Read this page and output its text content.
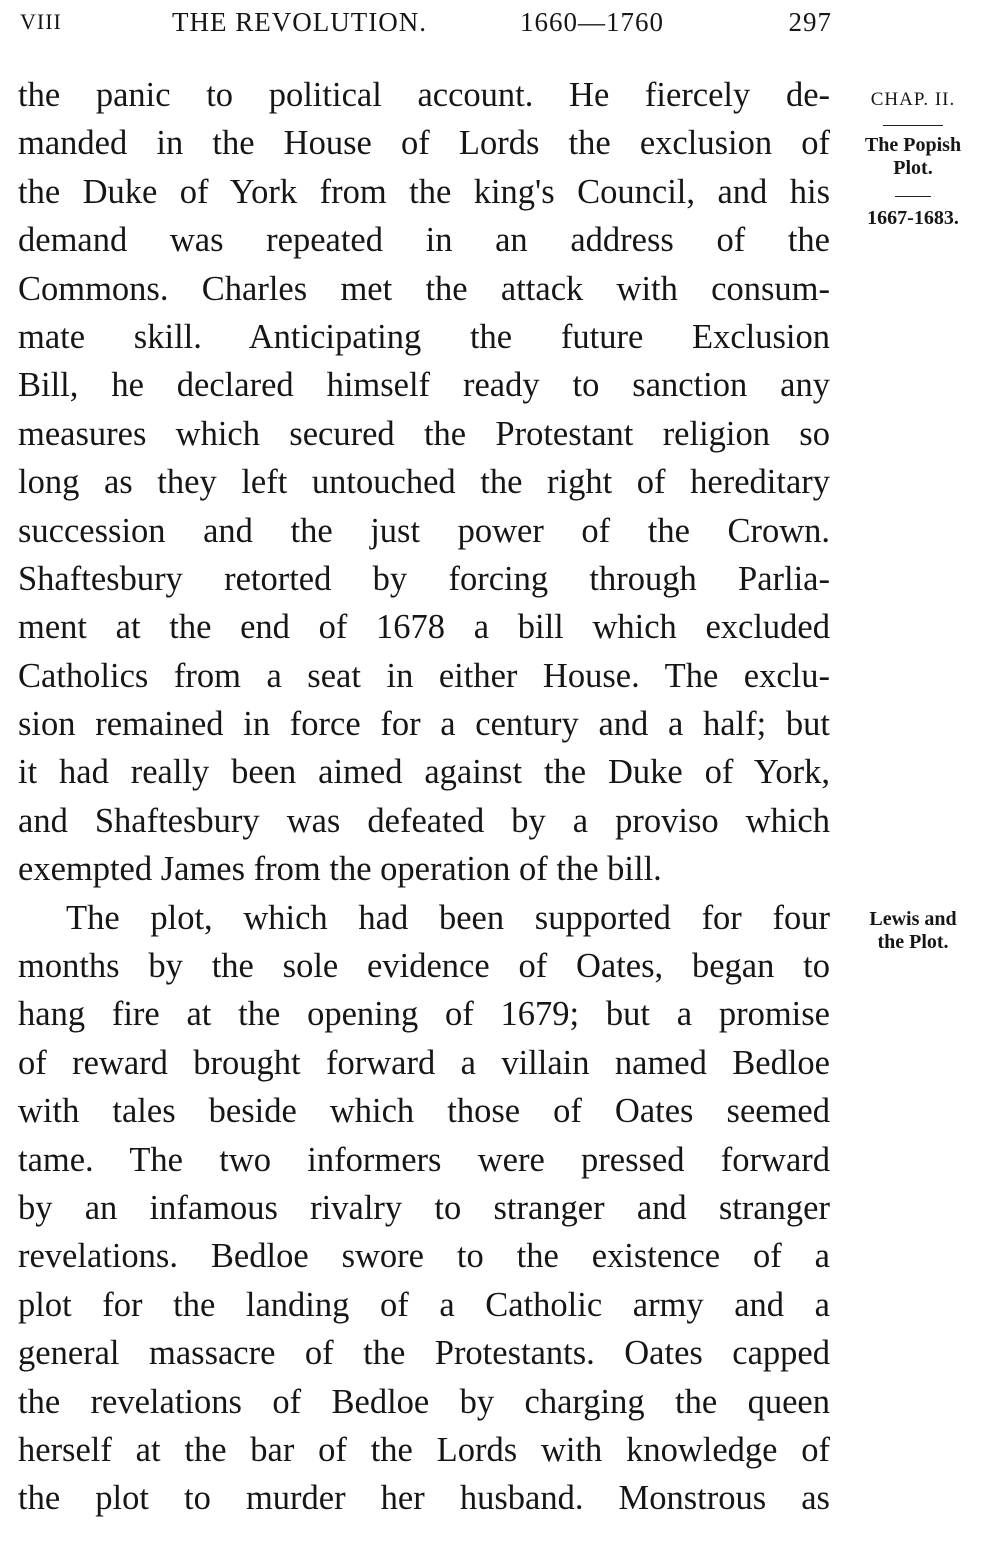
VIII	THE REVOLUTION.	1660—1760	297
the panic to political account. He fiercely de-
manded in the House of Lords the exclusion of
the Duke of York from the king's Council, and his
demand was repeated in an address of the
Commons. Charles met the attack with consum-
mate skill. Anticipating the future Exclusion
Bill, he declared himself ready to sanction any
measures which secured the Protestant religion so
long as they left untouched the right of hereditary
succession and the just power of the Crown.
Shaftesbury retorted by forcing through Parlia-
ment at the end of 1678 a bill which excluded
Catholics from a seat in either House. The exclu-
sion remained in force for a century and a half; but
it had really been aimed against the Duke of York,
and Shaftesbury was defeated by a proviso which
exempted James from the operation of the bill.
The plot, which had been supported for four
months by the sole evidence of Oates, began to
hang fire at the opening of 1679; but a promise
of reward brought forward a villain named Bedloe
with tales beside which those of Oates seemed
tame. The two informers were pressed forward
by an infamous rivalry to stranger and stranger
revelations. Bedloe swore to the existence of a
plot for the landing of a Catholic army and a
general massacre of the Protestants. Oates capped
the revelations of Bedloe by charging the queen
herself at the bar of the Lords with knowledge of
the plot to murder her husband. Monstrous as
CHAP. II.
The Popish
Plot.
1667-1683.
Lewis and
the Plot.
